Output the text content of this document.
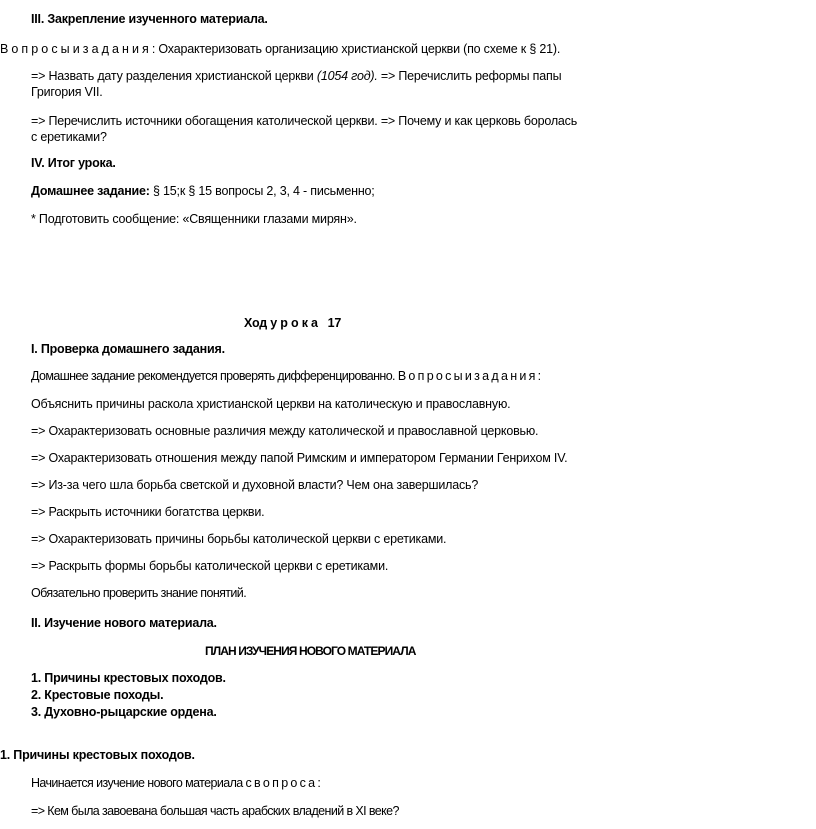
III. Закрепление изученного материала.
В о п р о с ы и з а д а н и я : Охарактеризовать организацию христианской церкви (по схеме к § 21).
=> Назвать дату разделения христианской церкви (1054 год). => Перечислить реформы папы
Григория VII.
=> Перечислить источники обогащения католической церкви. => Почему и как церковь боролась
с еретиками?
IV. Итог урока.
Домашнее задание: § 15;к § 15 вопросы 2, 3, 4 - письменно;
* Подготовить сообщение: «Священники глазами мирян».
Ход у р о к а 17
I. Проверка домашнего задания.
Домашнее задание рекомендуется проверять дифференцированно. В о п р о с ы и з а д а н и я :
Объяснить причины раскола христианской церкви на католическую и православную.
=> Охарактеризовать основные различия между католической и православной церковью.
=> Охарактеризовать отношения между папой Римским и императором Германии Генрихом IV.
=> Из-за чего шла борьба светской и духовной власти? Чем она завершилась?
=> Раскрыть источники богатства церкви.
=> Охарактеризовать причины борьбы католической церкви с еретиками.
=> Раскрыть формы борьбы католической церкви с еретиками.
Обязательно проверить знание понятий.
II. Изучение нового материала.
ПЛАН ИЗУЧЕНИЯ НОВОГО МАТЕРИАЛА
1. Причины крестовых походов.
2. Крестовые походы.
3. Духовно-рыцарские ордена.
1. Причины крестовых походов.
Начинается изучение нового материала с в о п р о с а :
=> Кем была завоевана большая часть арабских владений в XI веке?
